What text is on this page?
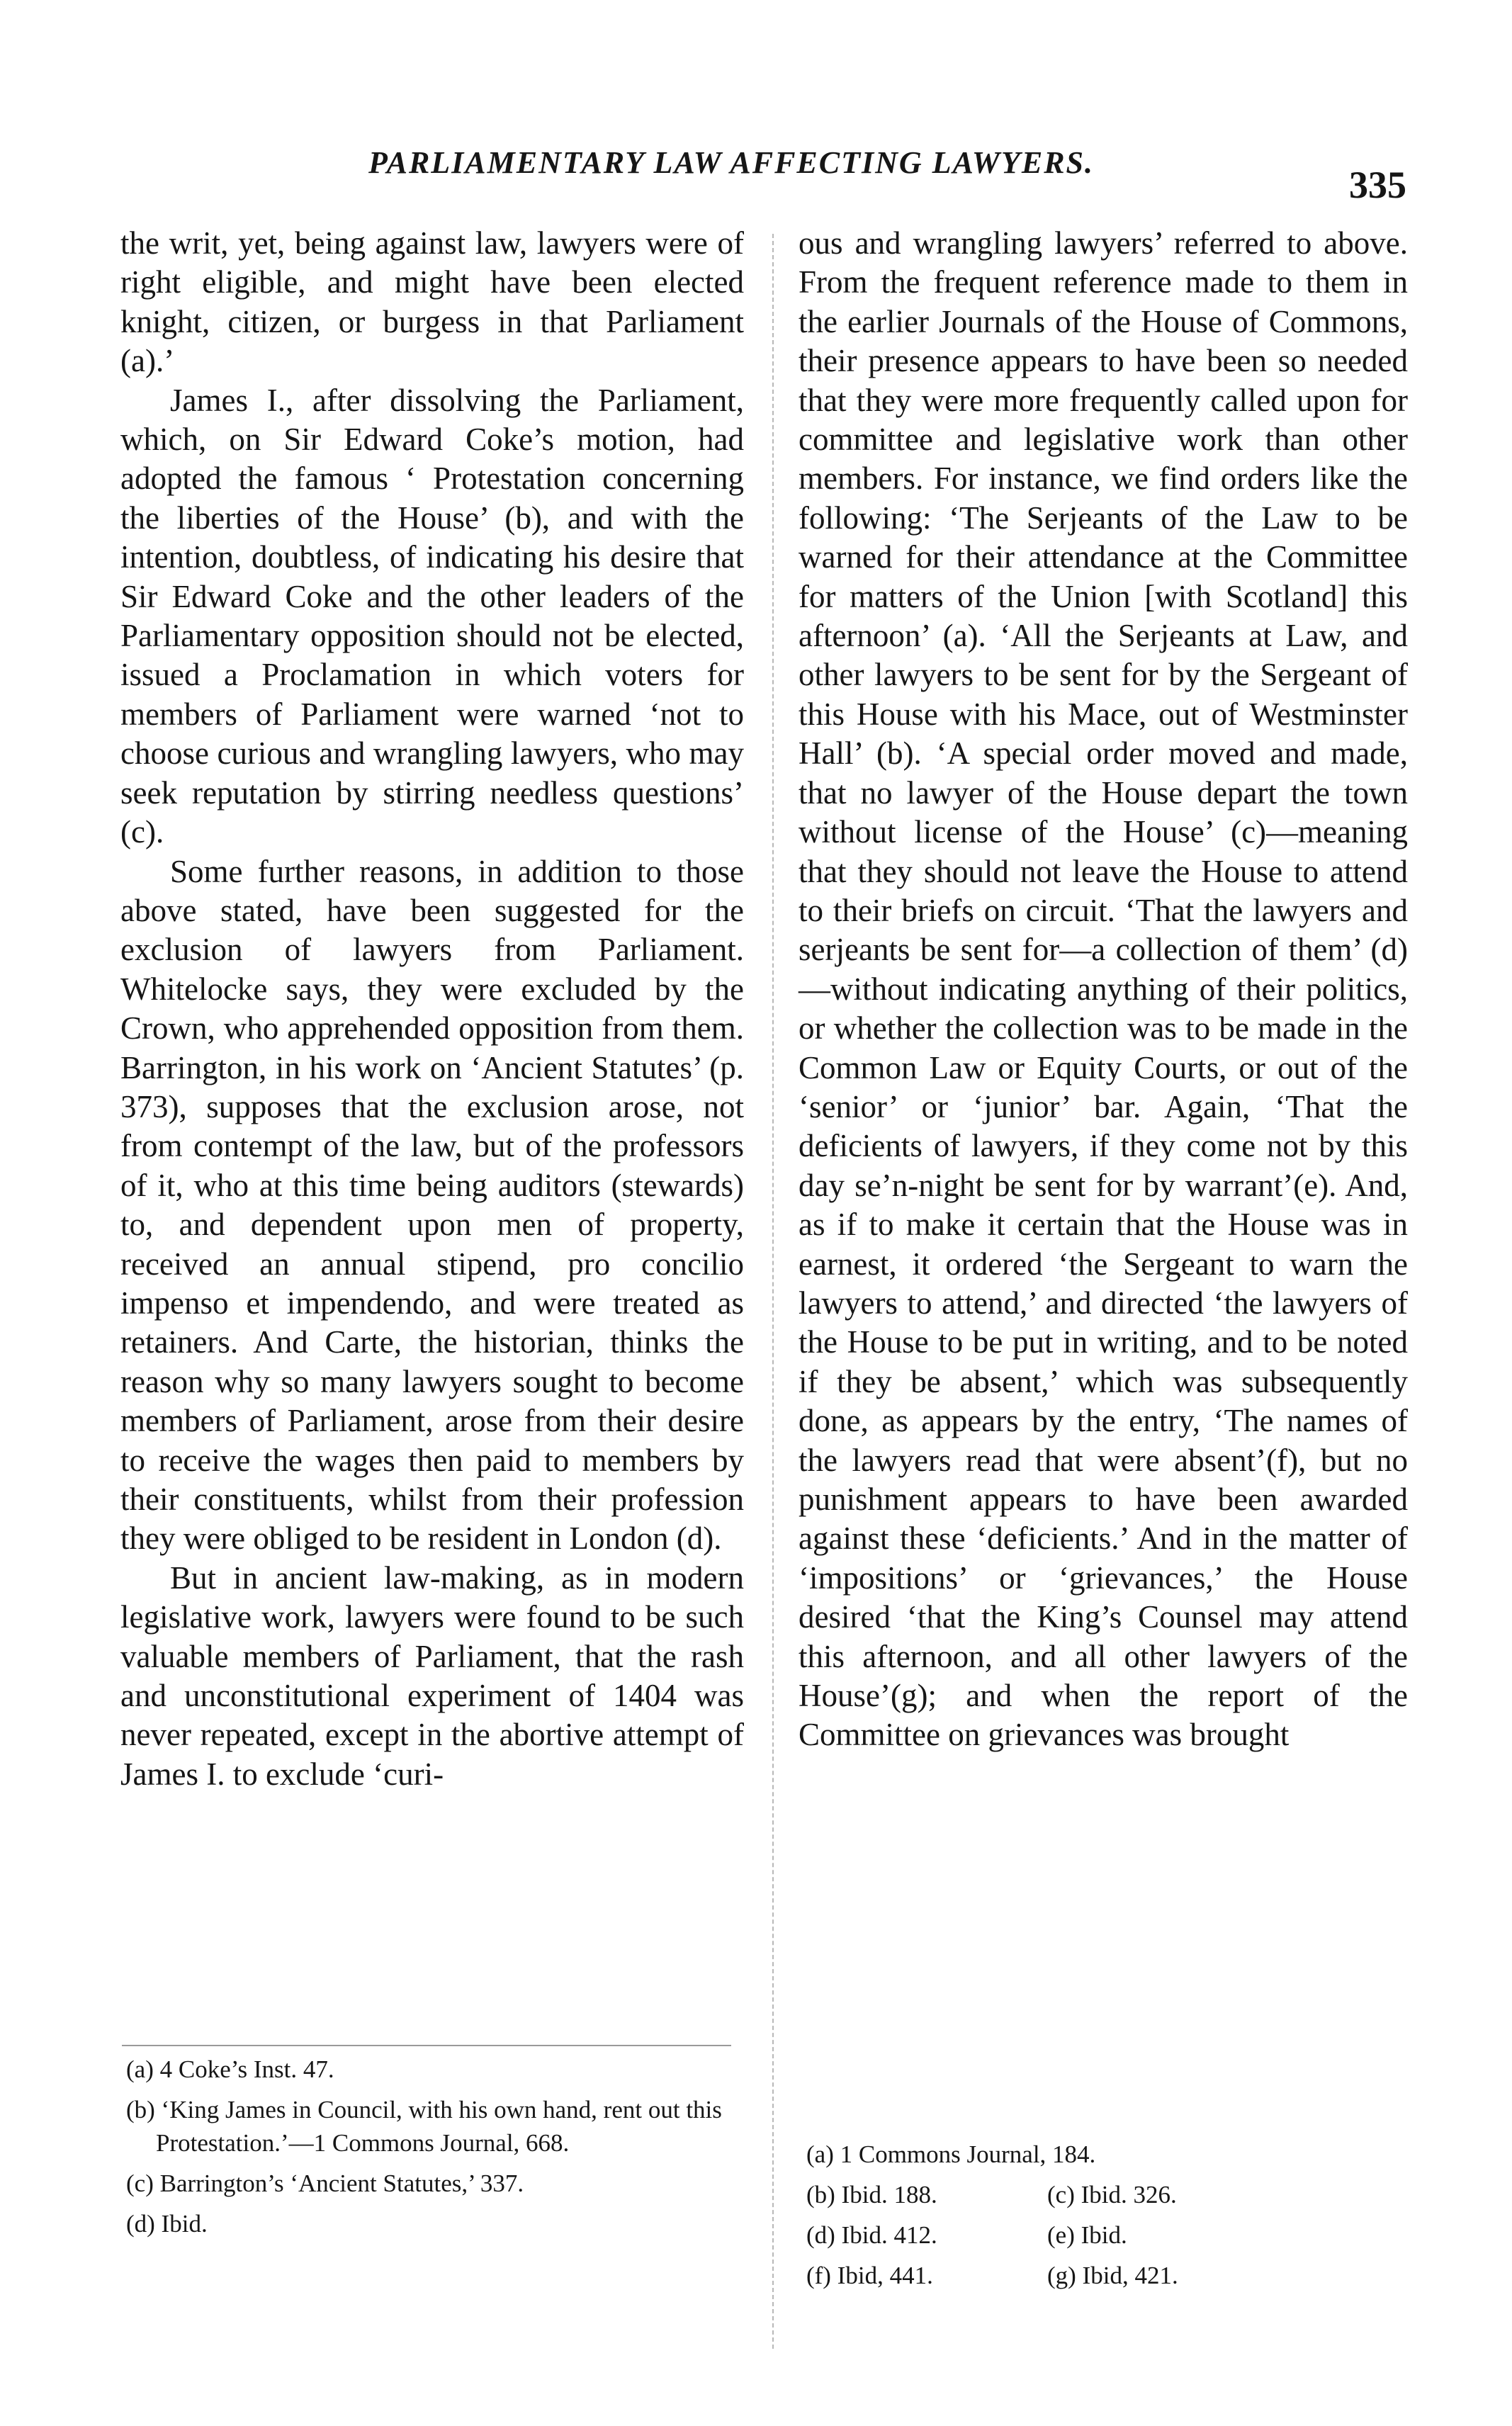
PARLIAMENTARY LAW AFFECTING LAWYERS.
335

the writ, yet, being against law, lawyers were of right eligible, and might have been elected knight, citizen, or burgess in that Parliament (a).’

James I., after dissolving the Parliament, which, on Sir Edward Coke’s motion, had adopted the famous ‘ Protestation concerning the liberties of the House’ (b), and with the intention, doubtless, of indicating his desire that Sir Edward Coke and the other leaders of the Parliamentary opposition should not be elected, issued a Proclamation in which voters for members of Parliament were warned ‘not to choose curious and wrangling lawyers, who may seek reputation by stirring needless questions’ (c).

Some further reasons, in addition to those above stated, have been suggested for the exclusion of lawyers from Parliament. Whitelocke says, they were excluded by the Crown, who apprehended opposition from them. Barrington, in his work on ‘Ancient Statutes’ (p. 373), supposes that the exclusion arose, not from contempt of the law, but of the professors of it, who at this time being auditors (stewards) to, and dependent upon men of property, received an annual stipend, pro concilio impenso et impendendo, and were treated as retainers. And Carte, the historian, thinks the reason why so many lawyers sought to become members of Parliament, arose from their desire to receive the wages then paid to members by their constituents, whilst from their profession they were obliged to be resident in London (d).

But in ancient law-making, as in modern legislative work, lawyers were found to be such valuable members of Parliament, that the rash and unconstitutional experiment of 1404 was never repeated, except in the abortive attempt of James I. to exclude ‘curi-

ous and wrangling lawyers’ referred to above. From the frequent reference made to them in the earlier Journals of the House of Commons, their presence appears to have been so needed that they were more frequently called upon for committee and legislative work than other members. For instance, we find orders like the following: ‘The Serjeants of the Law to be warned for their attendance at the Committee for matters of the Union [with Scotland] this afternoon’ (a). ‘All the Serjeants at Law, and other lawyers to be sent for by the Sergeant of this House with his Mace, out of Westminster Hall’ (b). ‘A special order moved and made, that no lawyer of the House depart the town without license of the House’ (c)—meaning that they should not leave the House to attend to their briefs on circuit. ‘That the lawyers and serjeants be sent for—a collection of them’ (d)—without indicating anything of their politics, or whether the collection was to be made in the Common Law or Equity Courts, or out of the ‘senior’ or ‘junior’ bar. Again, ‘That the deficients of lawyers, if they come not by this day se’n-night be sent for by warrant’(e). And, as if to make it certain that the House was in earnest, it ordered ‘the Sergeant to warn the lawyers to attend,’ and directed ‘the lawyers of the House to be put in writing, and to be noted if they be absent,’ which was subsequently done, as appears by the entry, ‘The names of the lawyers read that were absent’(f), but no punishment appears to have been awarded against these ‘deficients.’ And in the matter of ‘impositions’ or ‘grievances,’ the House desired ‘that the King’s Counsel may attend this afternoon, and all other lawyers of the House’(g); and when the report of the Committee on grievances was brought

(a) 4 Coke’s Inst. 47.

(b) ‘King James in Council, with his own hand, rent out this Protestation.’—1 Commons Journal, 668.

(c) Barrington’s ‘Ancient Statutes,’ 337.

(d) Ibid.

(a) 1 Commons Journal, 184.

(b) Ibid. 188.	(c) Ibid. 326.
(d) Ibid. 412.	(e) Ibid.
(f) Ibid, 441.	(g) Ibid, 421.
